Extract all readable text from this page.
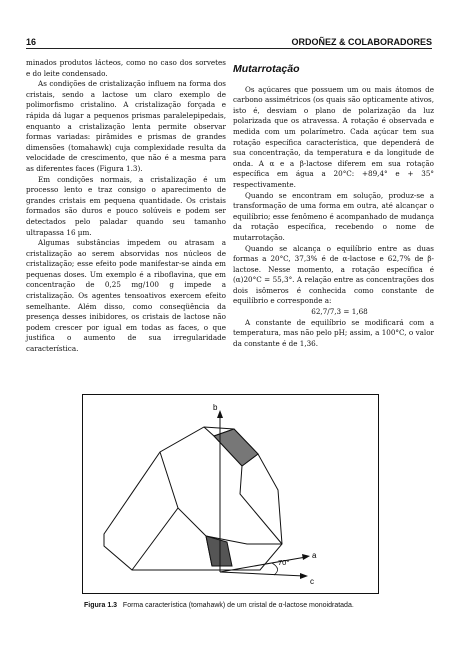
16	ORDOÑEZ & COLABORADORES

minados produtos lácteos, como no caso dos sorvetes e do leite condensado.

As condições de cristalização influem na forma dos cristais, sendo a lactose um claro exemplo de polimorfismo cristalino. A cristalização forçada e rápida dá lugar a pequenos prismas paralelepipedais, enquanto a cristalização lenta permite observar formas variadas: pirâmides e prismas de grandes dimensões (tomahawk) cuja complexidade resulta da velocidade de crescimento, que não é a mesma para as diferentes faces (Figura 1.3).

Em condições normais, a cristalização é um processo lento e traz consigo o aparecimento de grandes cristais em pequena quantidade. Os cristais formados são duros e pouco solúveis e podem ser detectados pelo paladar quando seu tamanho ultrapassa 16 µm.

Algumas substâncias impedem ou atrasam a cristalização ao serem absorvidas nos núcleos de cristalização; esse efeito pode manifestar-se ainda em pequenas doses. Um exemplo é a riboflavina, que em concentração de 0,25 mg/100 g impede a cristalização. Os agentes tensoativos exercem efeito semelhante. Além disso, como conseqüência da presença desses inibidores, os cristais de lactose não podem crescer por igual em todas as faces, o que justifica o aumento de sua irregularidade característica.

Mutarrotação

Os açúcares que possuem um ou mais átomos de carbono assimétricos (os quais são opticamente ativos, isto é, desviam o plano de polarização da luz polarizada que os atravessa. A rotação é observada e medida com um polarímetro. Cada açúcar tem sua rotação específica característica, que dependerá de sua concentração, da temperatura e da longitude de onda. A α e a β-lactose diferem em sua rotação específica em água a 20°C: +89,4° e + 35° respectivamente.

Quando se encontram em solução, produz-se a transformação de uma forma em outra, até alcançar o equilíbrio; esse fenômeno é acompanhado de mudança da rotação específica, recebendo o nome de mutarrotação.

Quando se alcança o equilíbrio entre as duas formas a 20°C, 37,3% é de α-lactose e 62,7% de β-lactose. Nesse momento, a rotação específica é (α)20°C = 55,3°. A relação entre as concentrações dos dois isômeros é conhecida como constante de equilíbrio e corresponde a:

62,7/7,3 = 1,68

A constante de equilíbrio se modificará com a temperatura, mas não pelo pH; assim, a 100°C, o valor da constante é de 1,36.

b
a
c
70°
Figura 1.3 Forma característica (tomahawk) de um cristal de α-lactose monoidratada.
